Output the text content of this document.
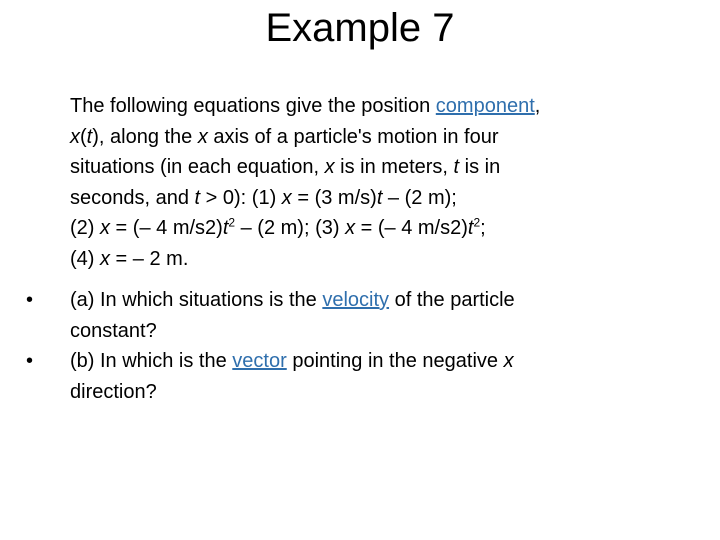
Example 7
The following equations give the position component,
x(t), along the x axis of a particle's motion in four
situations (in each equation, x is in meters, t is in
seconds, and t > 0): (1) x = (3 m/s)t – (2 m);
(2) x = (– 4 $m/s2)t^2 - (2$ m); (3) x = (– 4 $m/s2)t^2$;
(4) x = – 2 m.
• (a) In which situations is the velocity of the particle
constant?
• (b) In which is the vector pointing in the negative x
direction?
